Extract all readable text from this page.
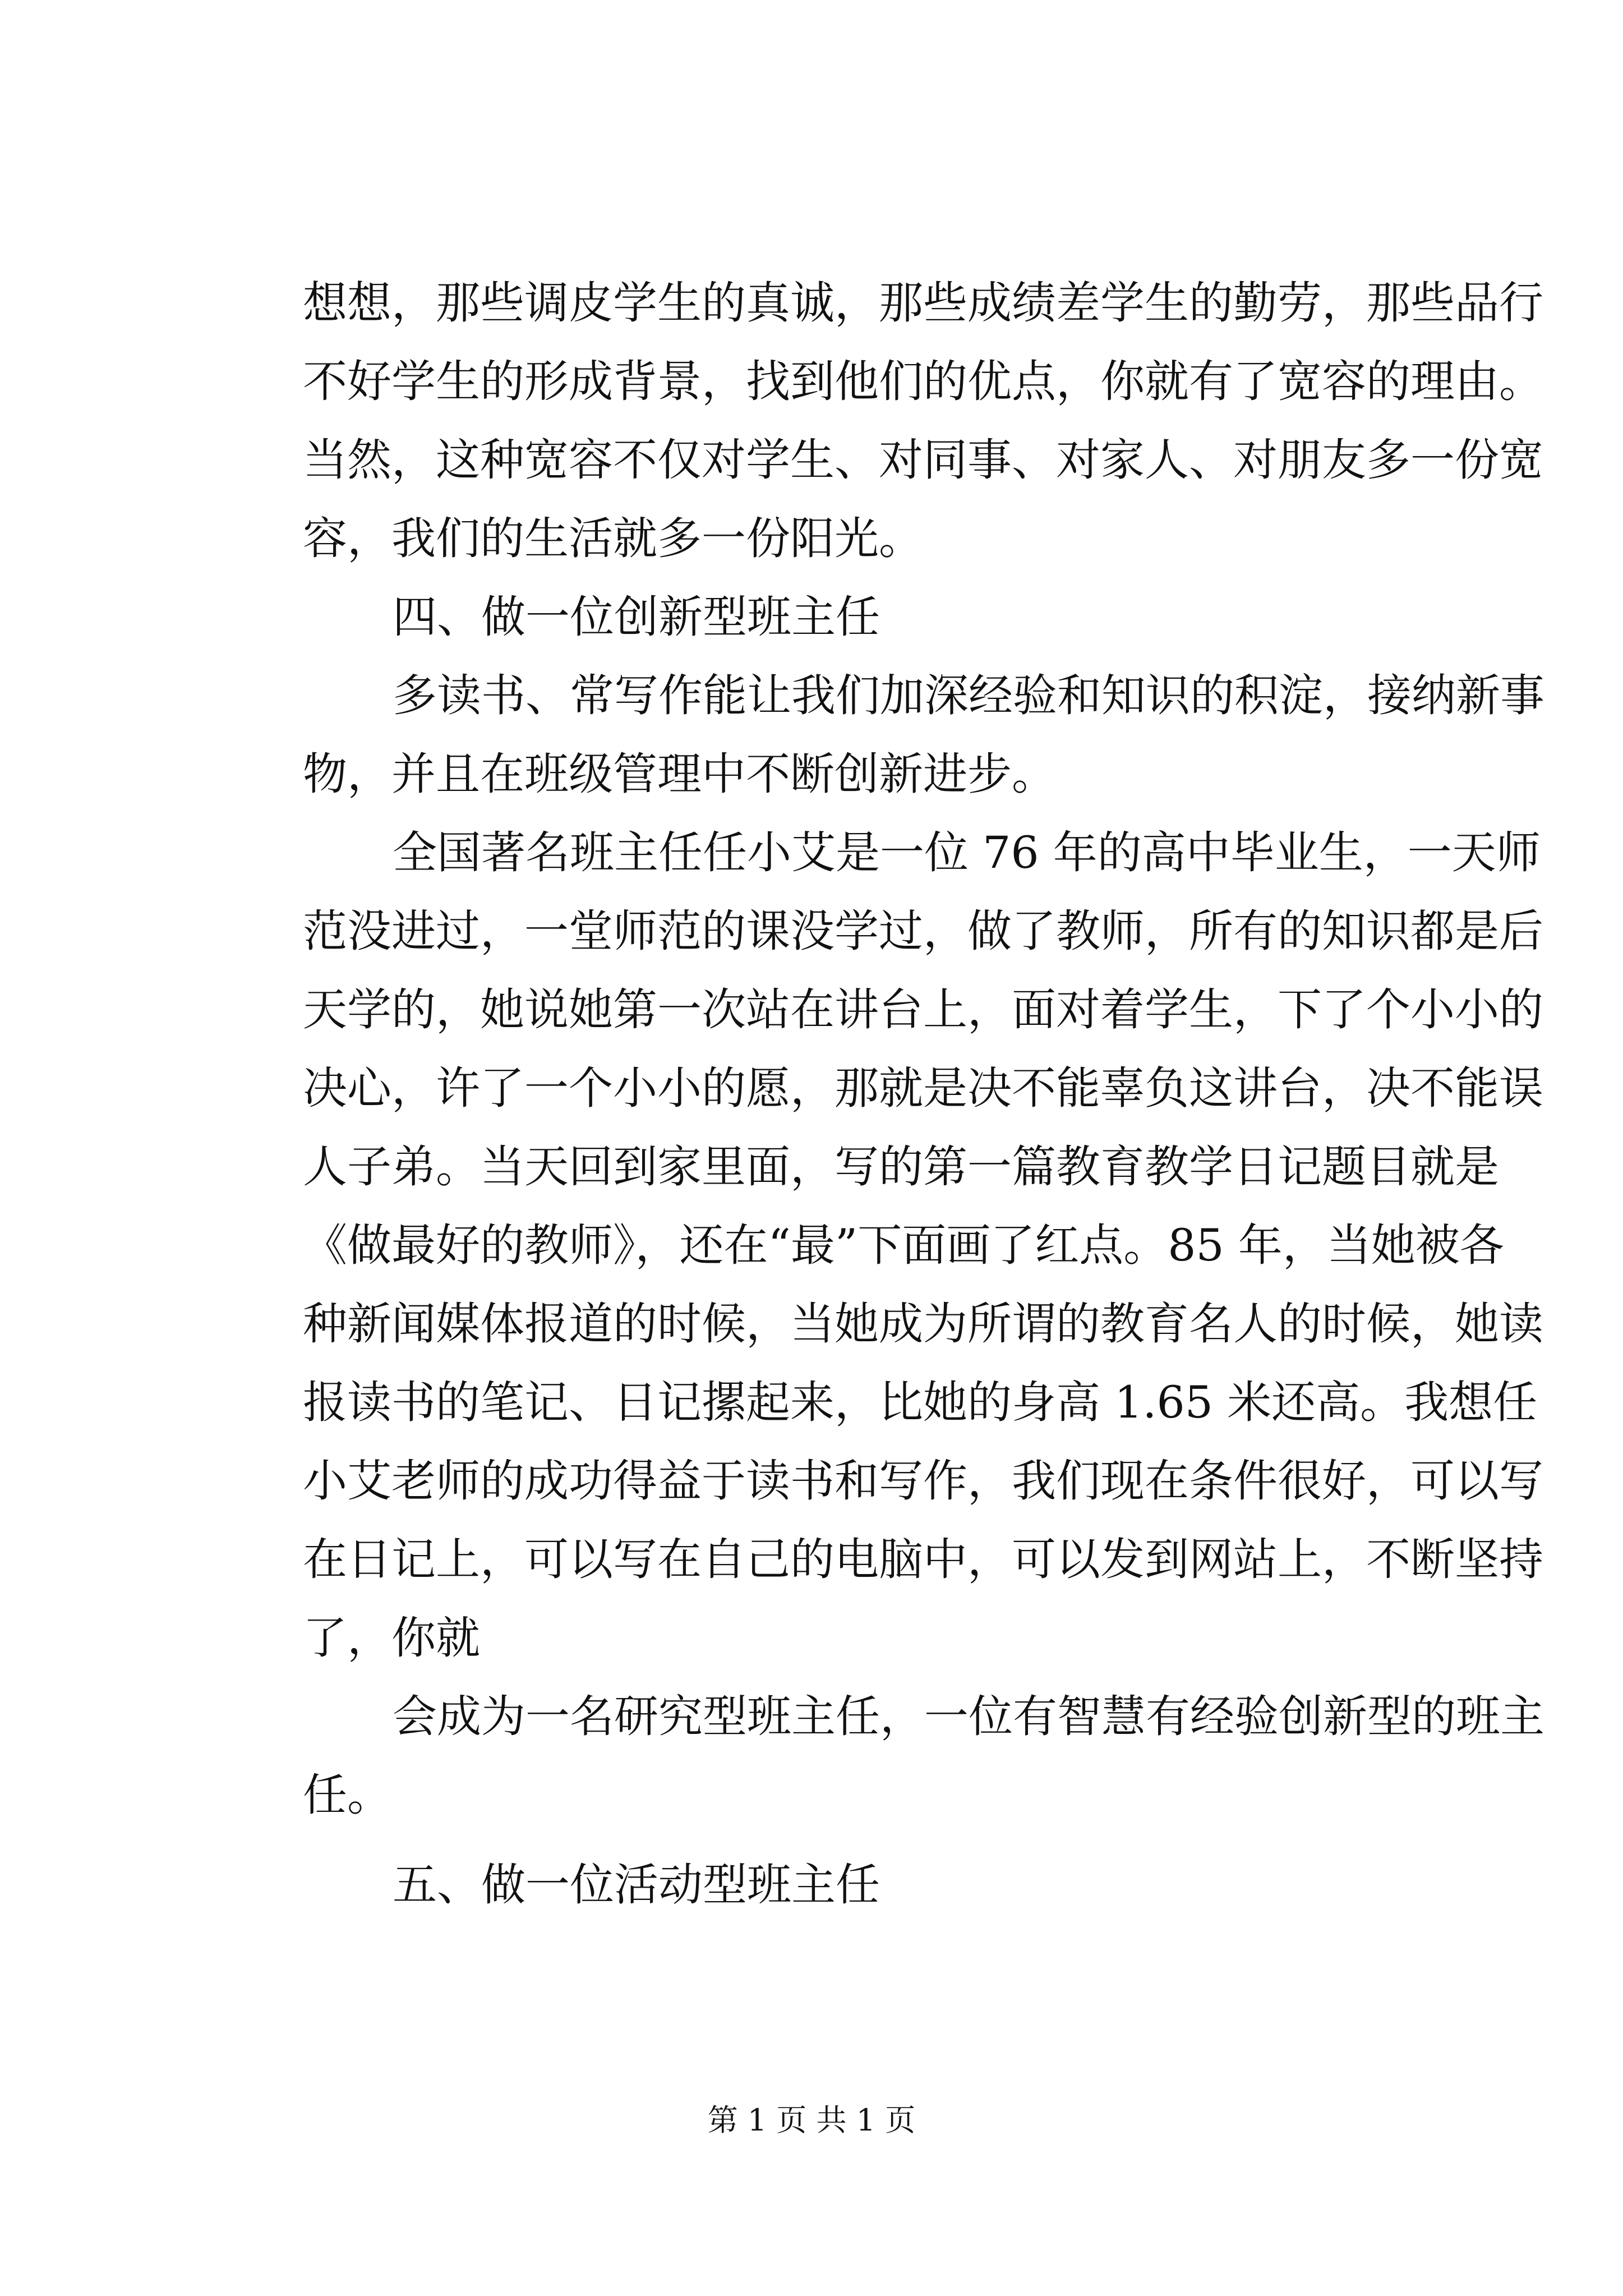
想想，那些调皮学生的真诚，那些成绩差学生的勤劳，那些品行
不好学生的形成背景，找到他们的优点，你就有了宽容的理由。
当然，这种宽容不仅对学生、对同事、对家人、对朋友多一份宽
容，我们的生活就多一份阳光。
四、做一位创新型班主任
多读书、常写作能让我们加深经验和知识的积淀，接纳新事
物，并且在班级管理中不断创新进步。
全国著名班主任任小艾是一位 76 年的高中毕业生，一天师
范没进过，一堂师范的课没学过，做了教师，所有的知识都是后
天学的，她说她第一次站在讲台上，面对着学生，下了个小小的
决心，许了一个小小的愿，那就是决不能辜负这讲台，决不能误
人子弟。当天回到家里面，写的第一篇教育教学日记题目就是
《做最好的教师》，还在“最”下面画了红点。85 年，当她被各
种新闻媒体报道的时候，当她成为所谓的教育名人的时候，她读
报读书的笔记、日记摞起来，比她的身高 1.65 米还高。我想任
小艾老师的成功得益于读书和写作，我们现在条件很好，可以写
在日记上，可以写在自己的电脑中，可以发到网站上，不断坚持
了，你就
会成为一名研究型班主任，一位有智慧有经验创新型的班主
任。
五、做一位活动型班主任
第 1 页 共 1 页
